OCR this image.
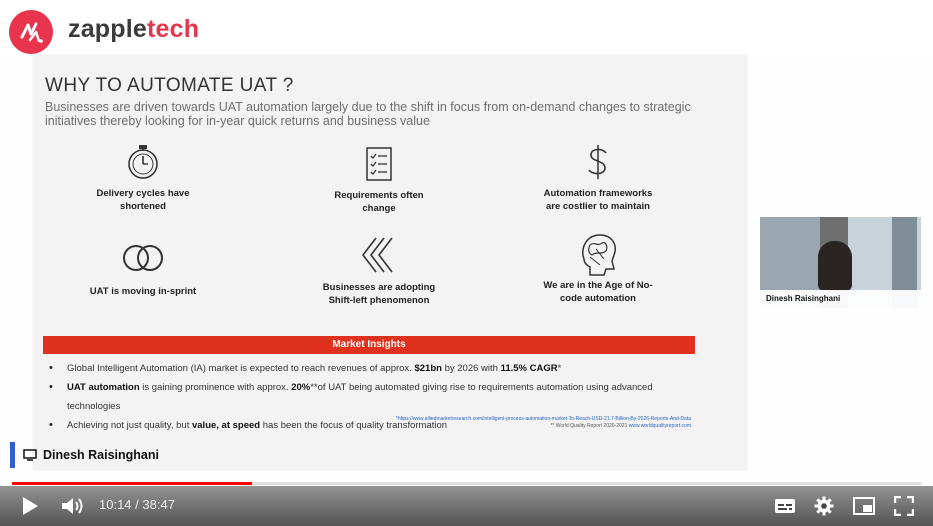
zappletech
WHY TO AUTOMATE UAT ?
Businesses are driven towards UAT automation largely due to the shift in focus from on-demand changes to strategic initiatives thereby looking for in-year quick returns and business value
Delivery cycles have
shortened
Requirements often
change
Automation frameworks
are costlier to maintain
UAT is moving in-sprint	Businesses are adopting
Shift-left phenomenon
We are in the Age of No-
code automation
Market Insights
• Global Intelligent Automation (IA) market is expected to reach revenues of approx. $21bn by 2026 with 11.5% CAGR*
• UAT automation is gaining prominence with approx. 20%**of UAT being automated giving rise to requirements automation using advanced technologies
• Achieving not just quality, but value, at speed has been the focus of quality transformation
*https://www.alliedmarketresearch.com/intelligent-process-automation-market-To-Reach-USD-21.7-Billion-By-2026-Reports-And-Data
** World Quality Report 2020-2021 www.worldqualityreport.com
Dinesh Raisinghani
Dinesh Raisinghani
10:14 / 38:47
